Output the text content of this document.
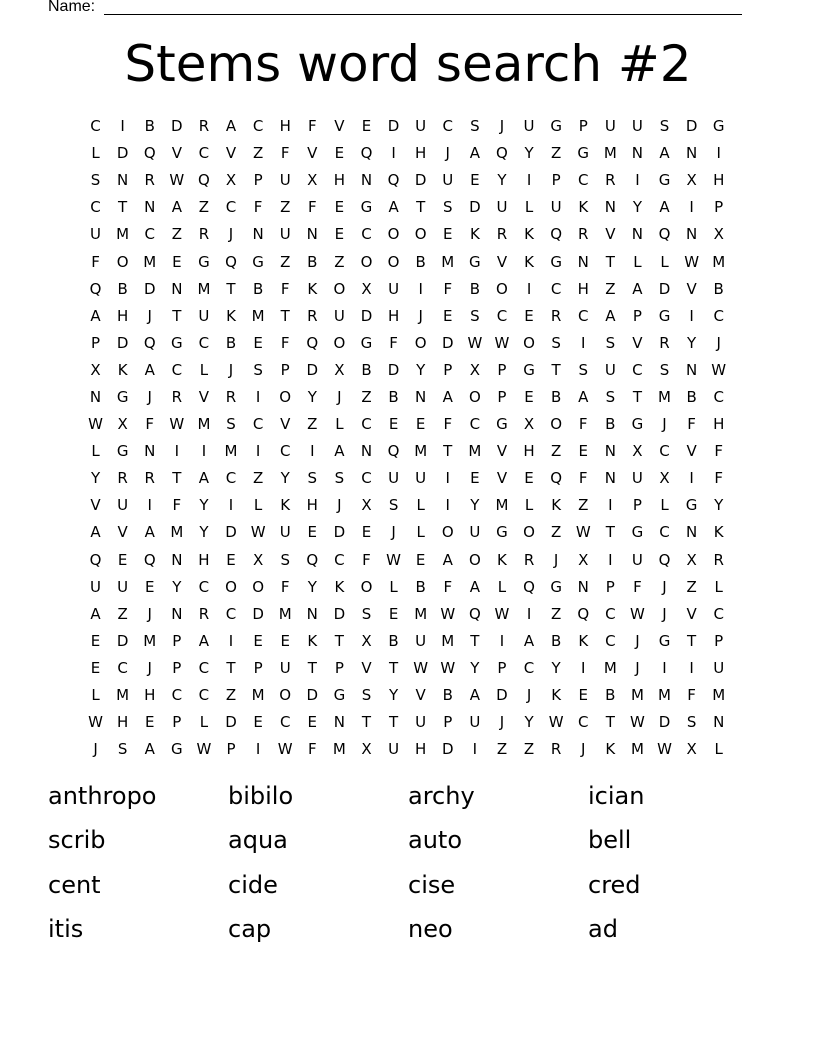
Name:
Stems word search #2
C	I	B	D	R	A	C	H	F	V	E	D	U	C	S	J	U	G	P	U	U	S	D	G
L	D	Q	V	C	V	Z	F	V	E	Q	I	H	J	A	Q	Y	Z	G M	N	A	N	I
S	N	R W Q	X	P	U	X	H	N	Q	D	U	E	Y	I	P	C	R	I	G	X	H
C	T	N	A	Z	C	F	Z	F	E	G	A	T	S	D	U	L	U	K	N	Y	A	I	P
U	M	C	Z	R	J	N	U	N	E	C	O	O	E	K	R	K	Q	R	V	N	Q	N	X
F	O M	E	G	Q	G	Z	B	Z	O	O	B	M G	V	K	G	N	T	L	L	W M
Q	B	D	N	M	T	B	F	K	O	X	U	I	F	B	O	I	C	H	Z	A	D	V	B
A	H	J	T	U	K	M	T	R	U	D	H	J	E	S	C	E	R	C	A	P	G	I	C
P	D	Q	G	C	B	E	F	Q	O	G	F	O	D W W O	S	I	S	V	R	Y	J
X	K	A	C	L	J	S	P	D	X	B	D	Y	P	X	P	G	T	S	U	C	S	N W
N	G	J	R	V	R	I	O	Y	J	Z	B	N	A	O	P	E	B	A	S	T	M	B	C
W X	F	W M	S	C	V	Z	L	C	E	E	F	C	G	X	O	F	B	G	J	F	H
L	G	N	I	I	M	I	C	I	A	N	Q M	T	M	V	H	Z	E	N	X	C	V	F
Y	R	R	T	A	C	Z	Y	S	S	C	U	U	I	E	V	E	Q	F	N	U	X	I	F
V	U	I	F	Y	I	L	K	H	J	X	S	L	I	Y	M	L	K	Z	I	P	L	G	Y
A	V	A	M	Y	D W U	E	D	E	J	L	O	U	G	O	Z W	T	G	C	N	K
Q	E	Q	N	H	E	X	S	Q	C	F	W E	A	O	K	R	J	X	I	U	Q	X	R
U	U	E	Y	C	O	O	F	Y	K	O	L	B	F	A	L	Q	G	N	P	F	J	Z	L
A	Z	J	N	R	C	D M	N	D	S	E	M W Q W	I	Z	Q	C W	J	V	C
E	D M	P	A	I	E	E	K	T	X	B	U	M	T	I	A	B	K	C	J	G	T	P
E	C	J	P	C	T	P	U	T	P	V	T	W W	Y	P	C	Y	I	M	J	I	I	U
L	M H	C	C	Z	M O	D	G	S	Y	V	B	A	D	J	K	E	B	M M	F	M
W H	E	P	L	D	E	C	E	N	T	T	U	P	U	J	Y	W C	T	W D	S	N
J	S	A	G W	P	I	W	F	M	X	U	H	D	I	Z	Z	R	J	K	M W X	L
anthropo	bibilo	archy	ician
scrib	aqua	auto	bell
cent	cide	cise	cred
itis	cap	neo	ad
